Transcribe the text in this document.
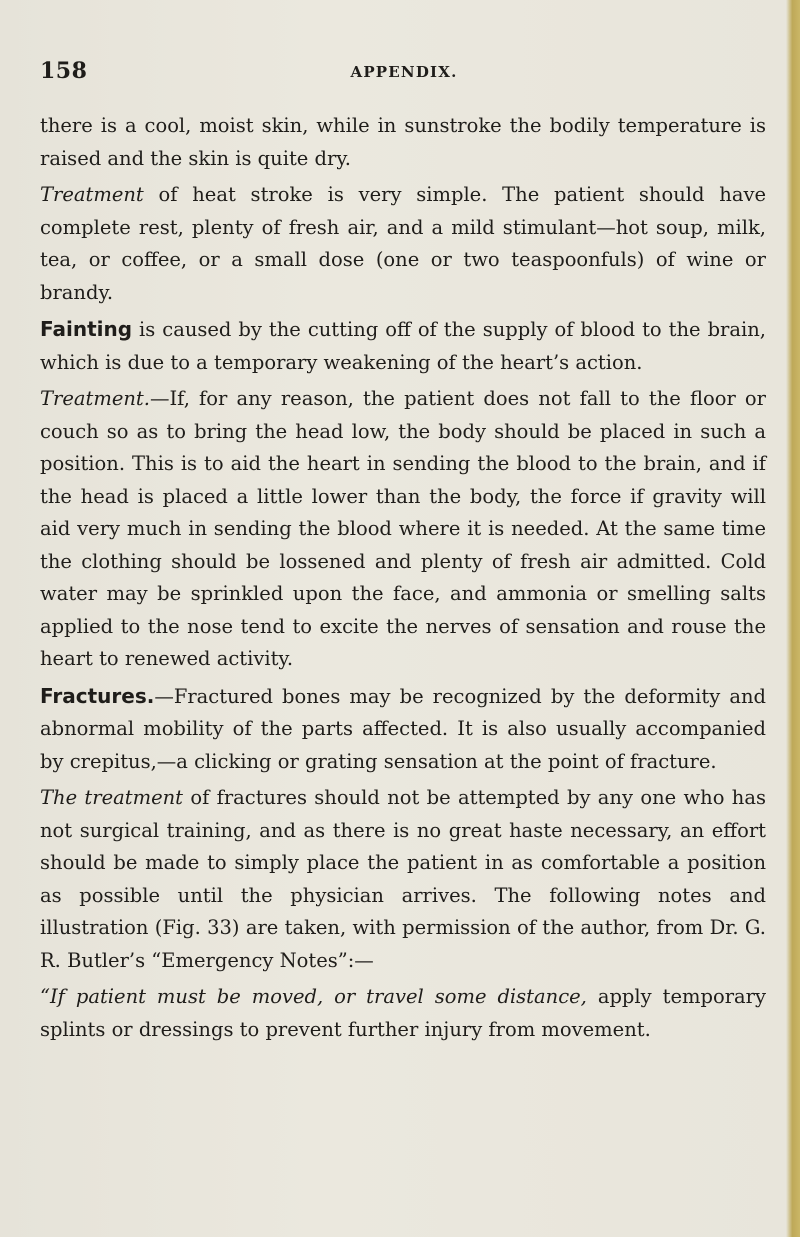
158	APPENDIX.

there is a cool, moist skin, while in sunstroke the bodily temperature is raised and the skin is quite dry.

Treatment of heat stroke is very simple. The patient should have complete rest, plenty of fresh air, and a mild stimulant—hot soup, milk, tea, or coffee, or a small dose (one or two teaspoonfuls) of wine or brandy.

Fainting is caused by the cutting off of the supply of blood to the brain, which is due to a temporary weakening of the heart’s action.

Treatment.—If, for any reason, the patient does not fall to the floor or couch so as to bring the head low, the body should be placed in such a position. This is to aid the heart in sending the blood to the brain, and if the head is placed a little lower than the body, the force if gravity will aid very much in sending the blood where it is needed. At the same time the clothing should be lossened and plenty of fresh air admitted. Cold water may be sprinkled upon the face, and ammonia or smelling salts applied to the nose tend to excite the nerves of sensation and rouse the heart to renewed activity.

Fractures.—Fractured bones may be recognized by the deformity and abnormal mobility of the parts affected. It is also usually accompanied by crepitus,—a clicking or grating sensation at the point of fracture.

The treatment of fractures should not be attempted by any one who has not surgical training, and as there is no great haste necessary, an effort should be made to simply place the patient in as comfortable a position as possible until the physician arrives. The following notes and illustration (Fig. 33) are taken, with permission of the author, from Dr. G. R. Butler’s “Emergency Notes”:—

“If patient must be moved, or travel some distance, apply temporary splints or dressings to prevent further injury from movement.
